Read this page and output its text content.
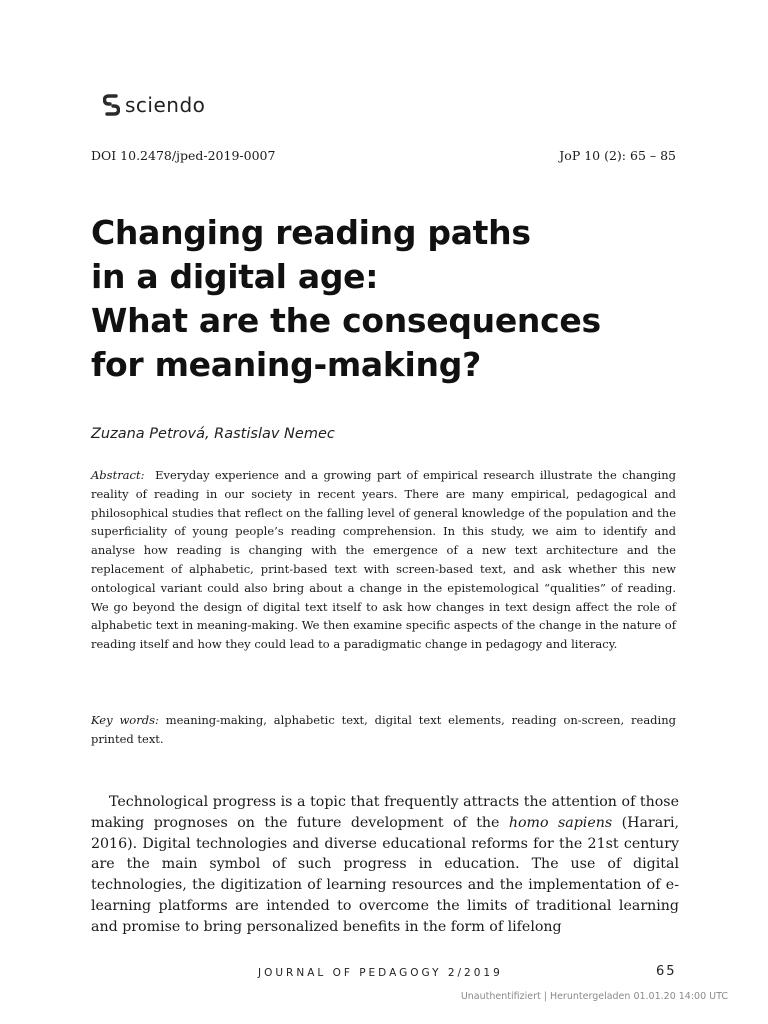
sciendo
DOI 10.2478/jped-2019-0007	JoP 10 (2): 65 – 85
Changing reading paths
in a digital age:
What are the consequences
for meaning-making?
Zuzana Petrová, Rastislav Nemec

Abstract: Everyday experience and a growing part of empirical research illustrate the changing reality of reading in our society in recent years. There are many empirical, pedagogical and philosophical studies that reflect on the falling level of general knowledge of the population and the superficiality of young people’s reading comprehension. In this study, we aim to identify and analyse how reading is changing with the emergence of a new text architecture and the replacement of alphabetic, print-based text with screen-based text, and ask whether this new ontological variant could also bring about a change in the epistemological “qualities” of reading. We go beyond the design of digital text itself to ask how changes in text design affect the role of alphabetic text in meaning-making. We then examine specific aspects of the change in the nature of reading itself and how they could lead to a paradigmatic change in pedagogy and literacy.

Key words: meaning-making, alphabetic text, digital text elements, reading on-screen, reading printed text.

Technological progress is a topic that frequently attracts the attention of those making prognoses on the future development of the homo sapiens (Harari, 2016). Digital technologies and diverse educational reforms for the 21st century are the main symbol of such progress in education. The use of digital technologies, the digitization of learning resources and the implementation of e-learning platforms are intended to overcome the limits of traditional learning and promise to bring personalized benefits in the form of lifelong

JOURNAL OF PEDAGOGY 2/2019	65
Unauthentifiziert | Heruntergeladen 01.01.20 14:00 UTC
